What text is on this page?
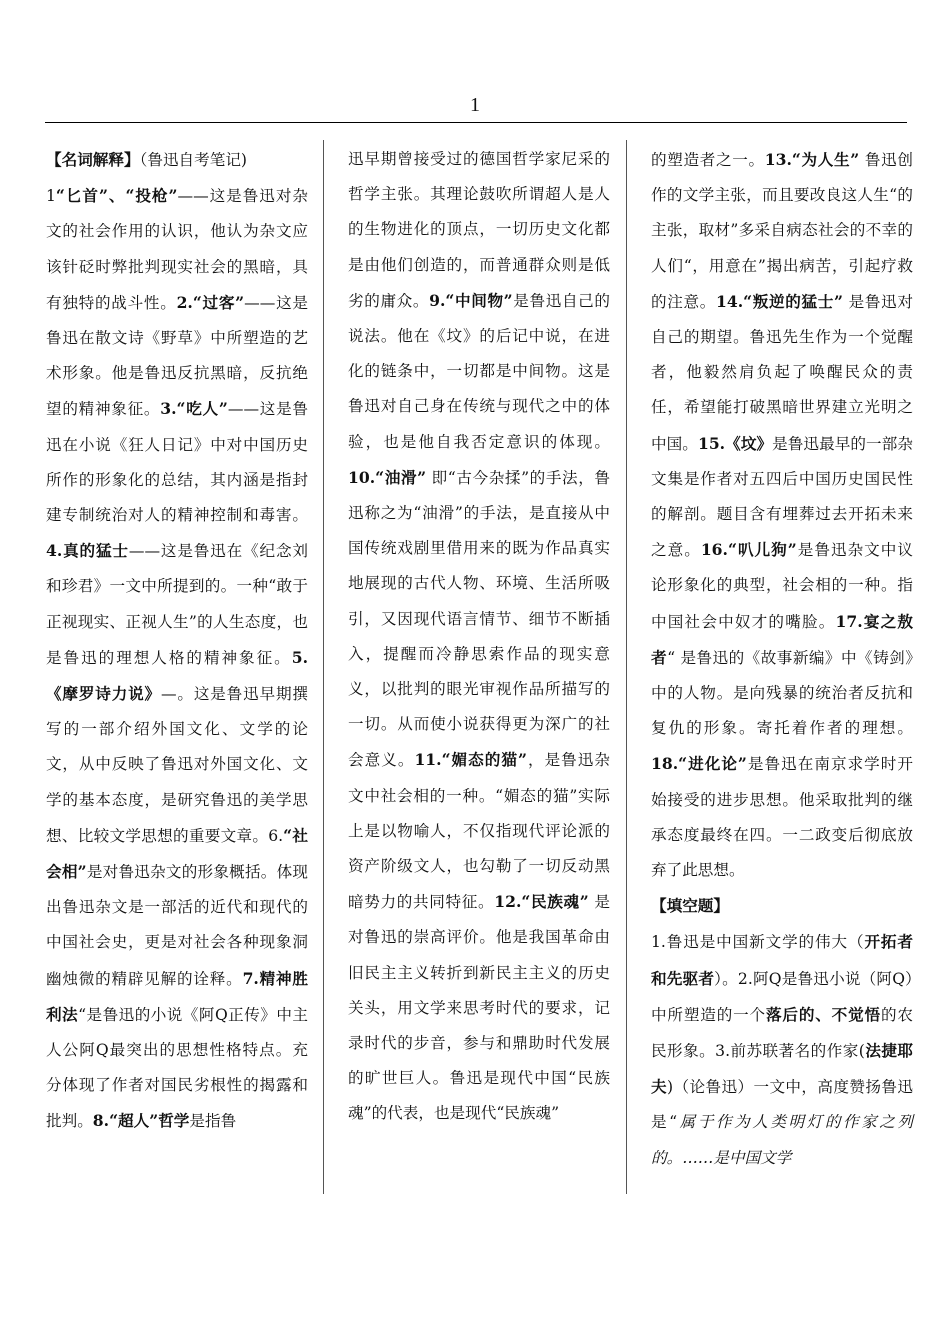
1

【名词解释】（鲁迅自考笔记)
1“匕首”、“投枪”——这是鲁迅对杂文的社会作用的认识，他认为杂文应该针砭时弊批判现实社会的黑暗，具有独特的战斗性。2.“过客”——这是鲁迅在散文诗《野草》中所塑造的艺术形象。他是鲁迅反抗黑暗，反抗绝望的精神象征。3.“吃人”——这是鲁迅在小说《狂人日记》中对中国历史所作的形象化的总结，其内涵是指封建专制统治对人的精神控制和毒害。4.真的猛士——这是鲁迅在《纪念刘和珍君》一文中所提到的。一种“敢于正视现实、正视人生”的人生态度，也是鲁迅的理想人格的精神象征。5.《摩罗诗力说》—。这是鲁迅早期撰写的一部介绍外国文化、文学的论文，从中反映了鲁迅对外国文化、文学的基本态度，是研究鲁迅的美学思想、比较文学思想的重要文章。6.“社会相”是对鲁迅杂文的形象概括。体现出鲁迅杂文是一部活的近代和现代的中国社会史，更是对社会各种现象洞幽烛微的精辟见解的诠释。7.精神胜利法“是鲁迅的小说《阿Q正传》中主人公阿Q最突出的思想性格特点。充分体现了作者对国民劣根性的揭露和批判。8.“超人”哲学是指鲁

迅早期曾接受过的德国哲学家尼采的哲学主张。其理论鼓吹所谓超人是人的生物进化的顶点，一切历史文化都是由他们创造的，而普通群众则是低劣的庸众。9.“中间物”是鲁迅自己的说法。他在《坟》的后记中说，在进化的链条中，一切都是中间物。这是鲁迅对自己身在传统与现代之中的体验，也是他自我否定意识的体现。10.“油滑” 即“古今杂揉”的手法，鲁迅称之为“油滑”的手法，是直接从中国传统戏剧里借用来的既为作品真实地展现的古代人物、环境、生活所吸引，又因现代语言情节、细节不断插入，提醒而冷静思索作品的现实意义，以批判的眼光审视作品所描写的一切。从而使小说获得更为深广的社会意义。11.“媚态的猫”，是鲁迅杂文中社会相的一种。“媚态的猫”实际上是以物喻人，不仅指现代评论派的资产阶级文人，也勾勒了一切反动黑暗势力的共同特征。12.“民族魂” 是对鲁迅的崇高评价。他是我国革命由旧民主主义转折到新民主主义的历史关头，用文学来思考时代的要求，记录时代的步音，参与和鼎助时代发展的旷世巨人。鲁迅是现代中国“民族魂”的代表，也是现代“民族魂”

的塑造者之一。13.“为人生” 鲁迅创作的文学主张，而且要改良这人生“的主张，取材”多采自病态社会的不幸的人们“，用意在”揭出病苦，引起疗救的注意。14.“叛逆的猛士” 是鲁迅对自己的期望。鲁迅先生作为一个觉醒者，他毅然肩负起了唤醒民众的责任，希望能打破黑暗世界建立光明之中国。15.《坟》是鲁迅最早的一部杂文集是作者对五四后中国历史国民性的解剖。题目含有埋葬过去开拓未来之意。16.“叭儿狗”是鲁迅杂文中议论形象化的典型，社会相的一种。指中国社会中奴才的嘴脸。17.宴之敖者“ 是鲁迅的《故事新编》中《铸剑》中的人物。是向残暴的统治者反抗和复仇的形象。寄托着作者的理想。18.“进化论”是鲁迅在南京求学时开始接受的进步思想。他采取批判的继承态度最终在四。一二政变后彻底放弃了此思想。
【填空题】
1.鲁迅是中国新文学的伟大（开拓者和先驱者）。2.阿Q是鲁迅小说（阿Q）中所塑造的一个落后的、不觉悟的农民形象。3.前苏联著名的作家(法捷耶夫)（论鲁迅）一文中，高度赞扬鲁迅是“属于作为人类明灯的作家之列的。……是中国文学
